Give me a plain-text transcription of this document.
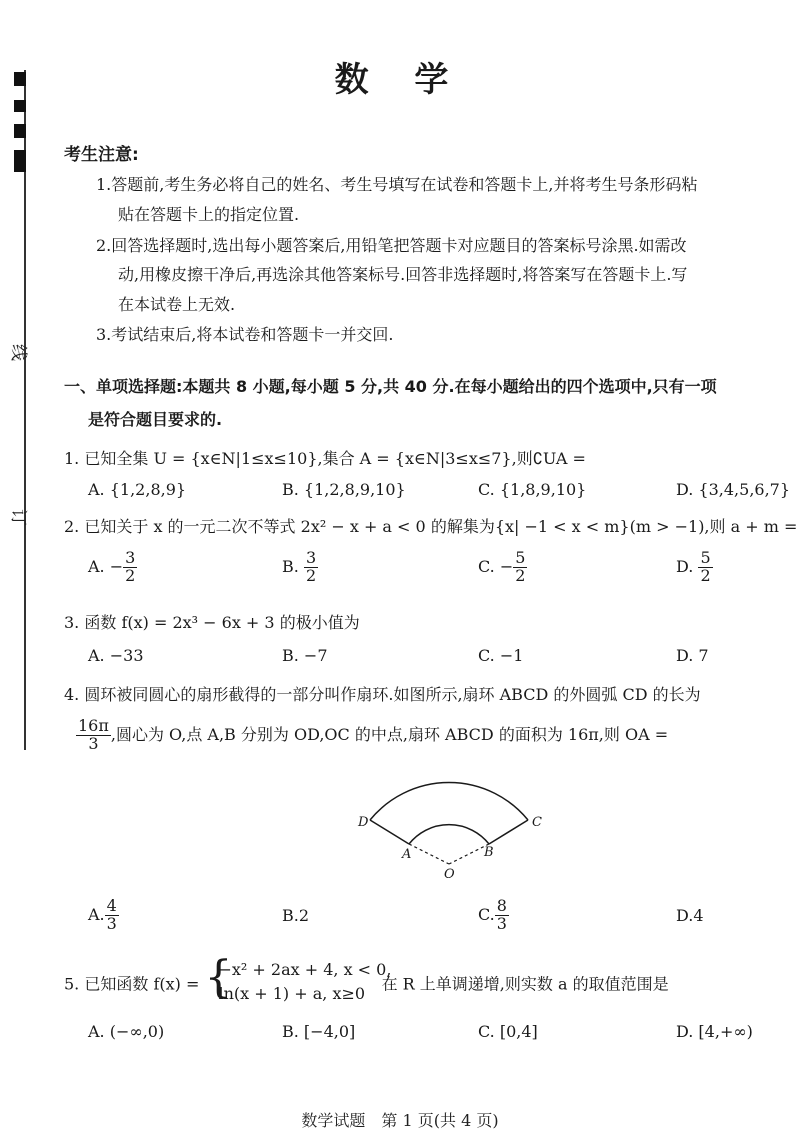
线
订
数 学
考生注意:
1.答题前,考生务必将自己的姓名、考生号填写在试卷和答题卡上,并将考生号条形码粘
贴在答题卡上的指定位置.
2.回答选择题时,选出每小题答案后,用铅笔把答题卡对应题目的答案标号涂黑.如需改
动,用橡皮擦干净后,再选涂其他答案标号.回答非选择题时,将答案写在答题卡上.写
在本试卷上无效.
3.考试结束后,将本试卷和答题卡一并交回.
一、单项选择题:本题共 8 小题,每小题 5 分,共 40 分.在每小题给出的四个选项中,只有一项
是符合题目要求的.
1. 已知全集 U = {x∈N|1≤x≤10},集合 A = {x∈N|3≤x≤7},则∁UA =
A. {1,2,8,9}	B. {1,2,8,9,10}	C. {1,8,9,10}	D. {3,4,5,6,7}
2. 已知关于 x 的一元二次不等式 2x² − x + a < 0 的解集为{x| −1 < x < m}(m > −1),则 a + m =
A. − $\frac{3}{2}$	B. $\frac{3}{2}$	C. − $\frac{5}{2}$	D. $\frac{5}{2}$
3. 函数 f(x) = 2x³ − 6x + 3 的极小值为
A. −33	B. −7	C. −1	D. 7
4. 圆环被同圆心的扇形截得的一部分叫作扇环.如图所示,扇环 ABCD 的外圆弧 CD 的长为
$\frac{16\pi}{3}$ ,圆心为 O,点 A,B 分别为 OD,OC 的中点,扇环 ABCD 的面积为 16π,则 OA =
D	C
A	B
O
A. $\frac{4}{3}$	B.2	C. $\frac{8}{3}$	D.4
5. 已知函数 f(x) = {
−x² + 2ax + 4, x < 0,
ln(x + 1) + a, x≥0	在 R 上单调递增,则实数 a 的取值范围是
A. (−∞,0)	B. [−4,0]	C. [0,4]	D. [4,+∞)
数学试题　第 1 页(共 4 页)
